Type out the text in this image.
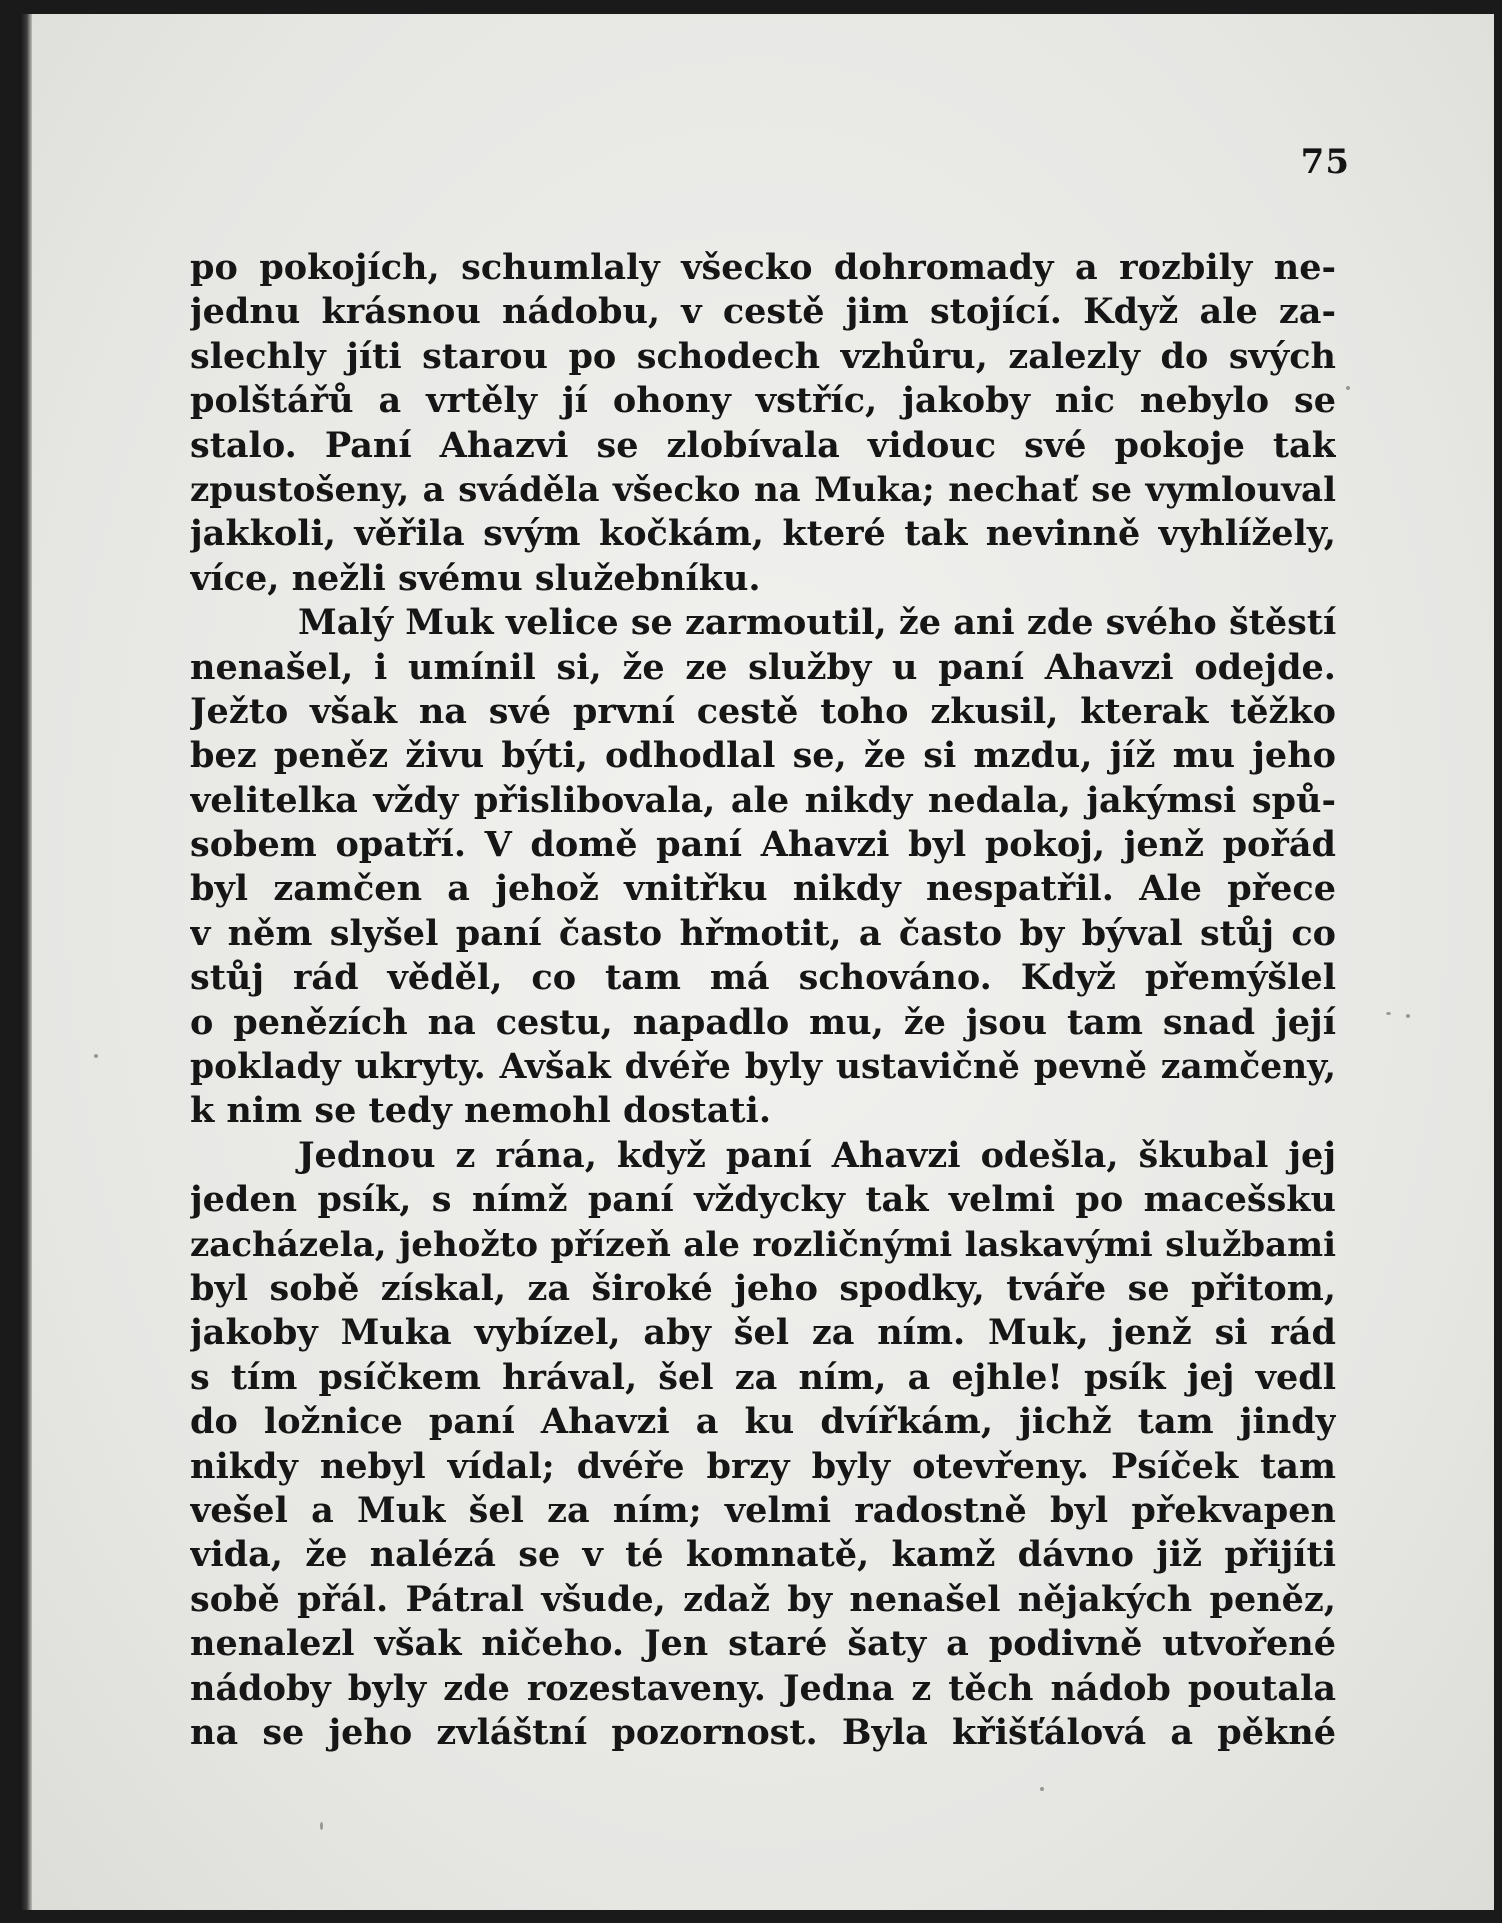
75
po pokojích, schumlaly všecko dohromady a rozbily ne-
jednu krásnou nádobu, v cestě jim stojící. Když ale za-
slechly jíti starou po schodech vzhůru, zalezly do svých
polštářů a vrtěly jí ohony vstříc, jakoby nic nebylo se
stalo. Paní Ahazvi se zlobívala vidouc své pokoje tak
zpustošeny, a sváděla všecko na Muka; nechať se vymlouval
jakkoli, věřila svým kočkám, které tak nevinně vyhlížely,
více, nežli svému služebníku.
Malý Muk velice se zarmoutil, že ani zde svého štěstí
nenašel, i umínil si, že ze služby u paní Ahavzi odejde.
Ježto však na své první cestě toho zkusil, kterak těžko
bez peněz živu býti, odhodlal se, že si mzdu, jíž mu jeho
velitelka vždy přislibovala, ale nikdy nedala, jakýmsi spů-
sobem opatří. V domě paní Ahavzi byl pokoj, jenž pořád
byl zamčen a jehož vnitřku nikdy nespatřil. Ale přece
v něm slyšel paní často hřmotit, a často by býval stůj co
stůj rád věděl, co tam má schováno. Když přemýšlel
o penězích na cestu, napadlo mu, že jsou tam snad její
poklady ukryty. Avšak dvéře byly ustavičně pevně zamčeny,
k nim se tedy nemohl dostati.
Jednou z rána, když paní Ahavzi odešla, škubal jej
jeden psík, s nímž paní vždycky tak velmi po macešsku
zacházela, jehožto přízeň ale rozličnými laskavými službami
byl sobě získal, za široké jeho spodky, tváře se přitom,
jakoby Muka vybízel, aby šel za ním. Muk, jenž si rád
s tím psíčkem hrával, šel za ním, a ejhle! psík jej vedl
do ložnice paní Ahavzi a ku dvířkám, jichž tam jindy
nikdy nebyl vídal; dvéře brzy byly otevřeny. Psíček tam
vešel a Muk šel za ním; velmi radostně byl překvapen
vida, že nalézá se v té komnatě, kamž dávno již přijíti
sobě přál. Pátral všude, zdaž by nenašel nějakých peněz,
nenalezl však ničeho. Jen staré šaty a podivně utvořené
nádoby byly zde rozestaveny. Jedna z těch nádob poutala
na se jeho zvláštní pozornost. Byla křišťálová a pěkné
